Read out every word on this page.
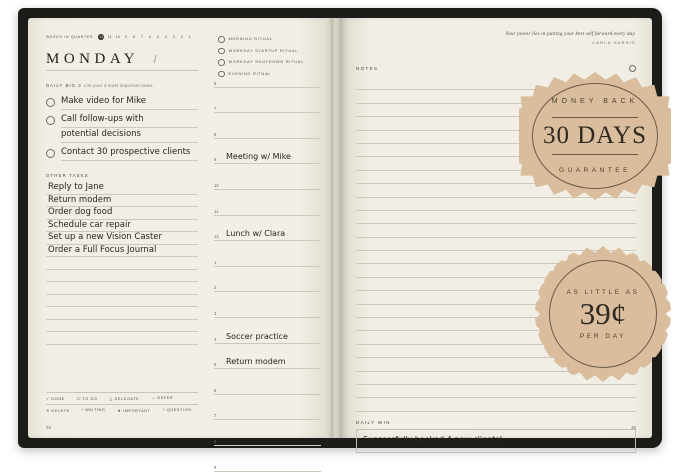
WEEKS IN QUARTER 12 11 10	9	8	7	6	5	4	3	2	1
MONDAY /
DAILY BIG 3 List your 3 most important tasks.
Make video for Mike
Call follow-ups with
potential decisions
Contact 30 prospective clients
OTHER TASKS
Reply to Jane
Return modem
Order dog food
Schedule car repair
Set up a new Vision Caster
Order a Full Focus Journal
MORNING RITUAL
WORKDAY STARTUP RITUAL
WORKDAY SHUTDOWN RITUAL
EVENING RITUAL
6
7
8
9 Meeting w/ Mike
10
11
12 Lunch w/ Clara
1
2
3
4 Soccer practice
5 Return modem
6
7
8
9
✓ DONE	☐ TO DO	△ DELEGATE	→ DEFER
✕ DELETE	/ WAITING	★ IMPORTANT	? QUESTION
34
Your power lies in putting your best self forward every day.
CARLA HARRIS
NOTES
DAILY WIN
Successfully booked 4 new clients!
35
MONEY BACK
30 DAYS
GUARANTEE
AS LITTLE AS
39¢
PER DAY
